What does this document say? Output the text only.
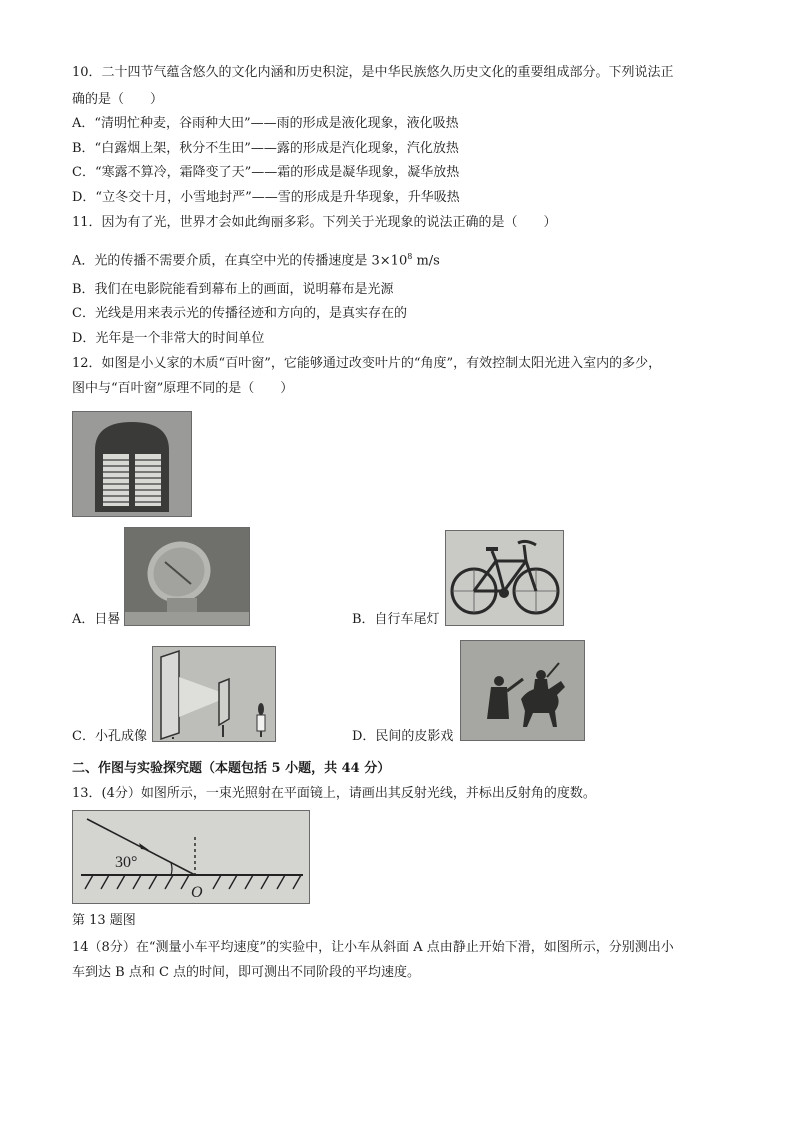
10．二十四节气蕴含悠久的文化内涵和历史积淀，是中华民族悠久历史文化的重要组成部分。下列说法正
确的是（　　）
A．“清明忙种麦，谷雨种大田”——雨的形成是液化现象，液化吸热
B．“白露烟上架，秋分不生田”——露的形成是汽化现象，汽化放热
C．“寒露不算冷，霜降变了天”——霜的形成是凝华现象，凝华放热
D．“立冬交十月，小雪地封严”——雪的形成是升华现象，升华吸热
11．因为有了光，世界才会如此绚丽多彩。下列关于光现象的说法正确的是（　　）
A．光的传播不需要介质，在真空中光的传播速度是 $3\times 10^8$ m/s
B．我们在电影院能看到幕布上的画面，说明幕布是光源
C．光线是用来表示光的传播径迹和方向的，是真实存在的
D．光年是一个非常大的时间单位
12．如图是小乂家的木质“百叶窗”，它能够通过改变叶片的“角度”，有效控制太阳光进入室内的多少，
图中与“百叶窗”原理不同的是（　　）
A．日晷	B．自行车尾灯
C．小孔成像	D．民间的皮影戏
二、作图与实验探究题（本题包括 5 小题，共 44 分）
13．(4分）如图所示，一束光照射在平面镜上，请画出其反射光线，并标出反射角的度数。
30°
O
第 13 题图
14（8分）在“测量小车平均速度”的实验中，让小车从斜面 A 点由静止开始下滑，如图所示，分别测出小
车到达 B 点和 C 点的时间，即可测出不同阶段的平均速度。
